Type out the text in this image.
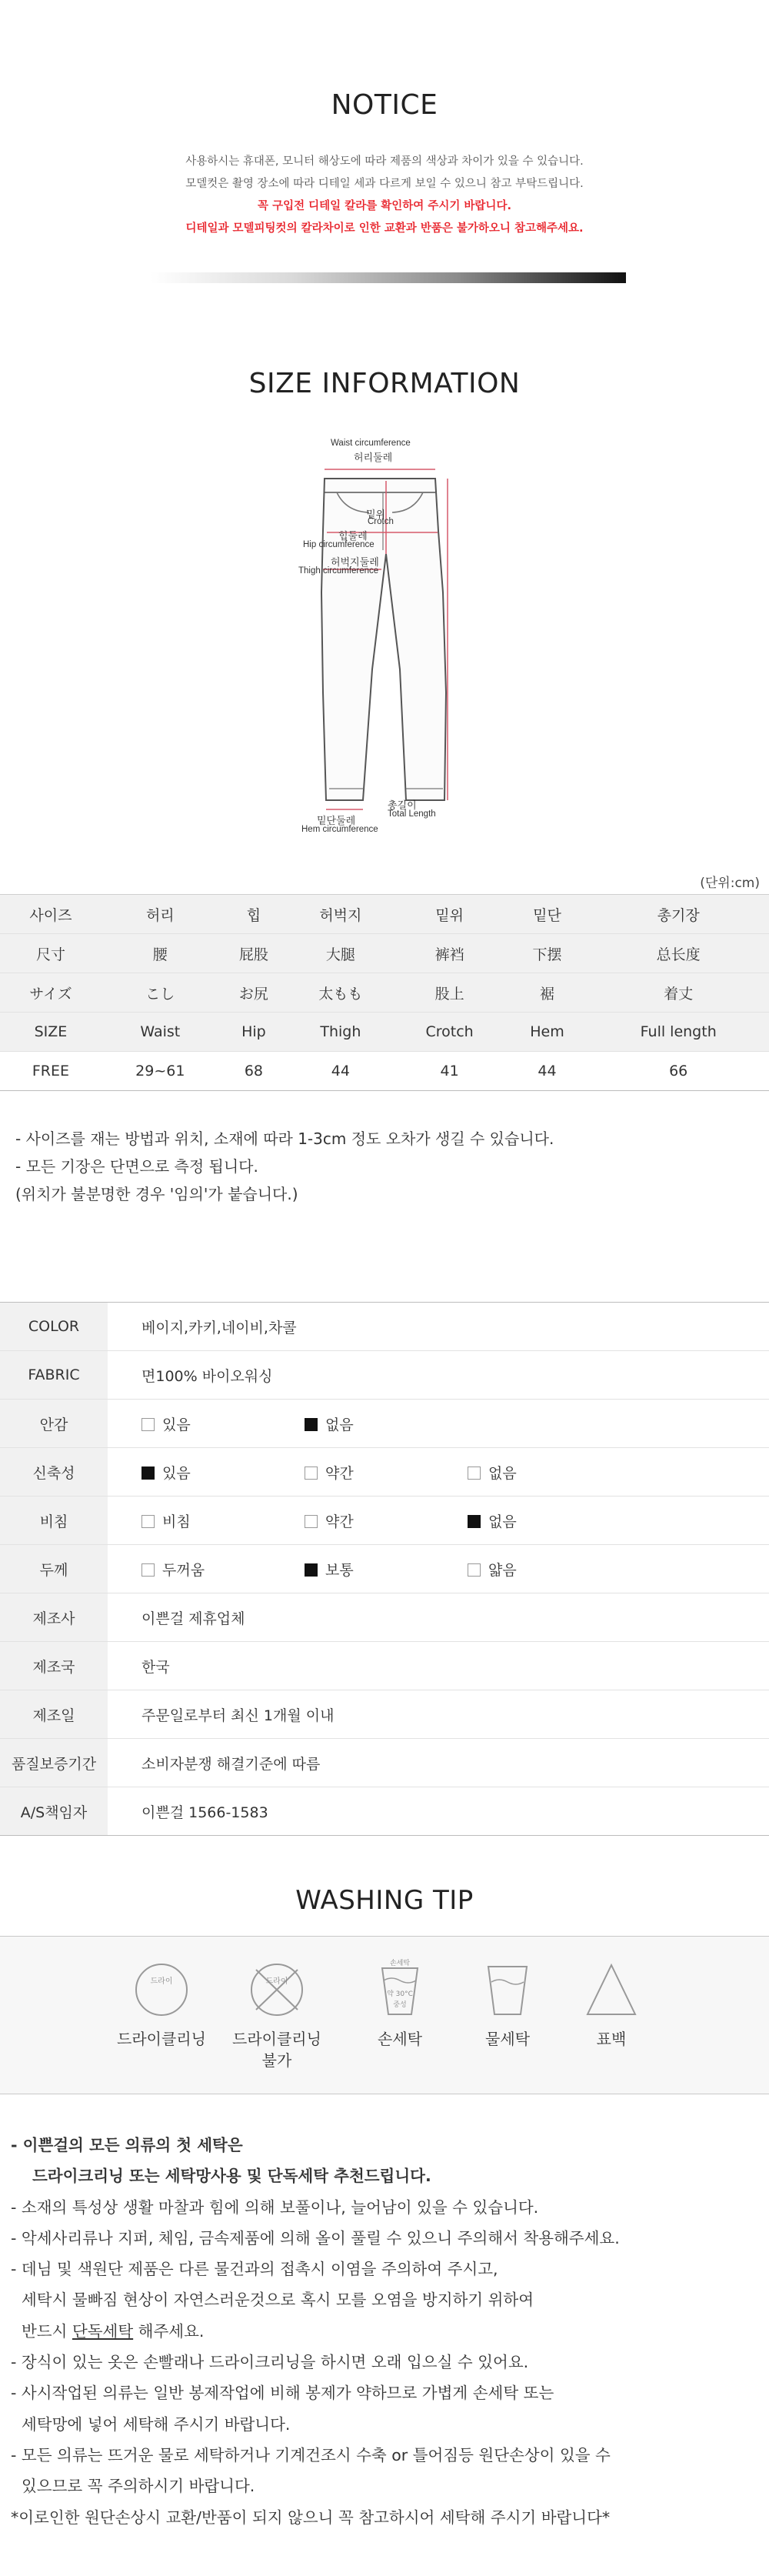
NOTICE
사용하시는 휴대폰, 모니터 해상도에 따라 제품의 색상과 차이가 있을 수 있습니다.
모델컷은 촬영 장소에 따라 디테일 세과 다르게 보일 수 있으니 참고 부탁드립니다.
꼭 구입전 디테일 칼라를 확인하여 주시기 바랍니다.
디테일과 모델피팅컷의 칼라차이로 인한 교환과 반품은 불가하오니 참고해주세요.
SIZE INFORMATION
Waist circumference
허리둘레
밑위
Crotch
힙둘레
Hip circumference
허벅지둘레
Thigh circumference
밑단둘레
Hem circumference
총길이
Total Length
(단위:cm)
사이즈	허리	힙	허벅지	밑위	밑단	총기장
尺寸	腰	屁股	大腿	裤裆	下摆	总长度
サイズ	こし	お尻	太もも	股上	裾	着丈
SIZE	Waist	Hip	Thigh	Crotch	Hem	Full length
FREE	29~61	68	44	41	44	66
- 사이즈를 재는 방법과 위치, 소재에 따라 1-3cm 정도 오차가 생길 수 있습니다.
- 모든 기장은 단면으로 측정 됩니다.
(위치가 불분명한 경우 '임의'가 붙습니다.)
COLOR	베이지,카키,네이비,차콜
FABRIC	면100% 바이오워싱
안감	있음 없음
신축성	있음 약간 없음
비침	비침 약간 없음
두께	두꺼움 보통 얇음
제조사	이쁜걸 제휴업체
제조국	한국
제조일	주문일로부터 최신 1개월 이내
품질보증기간	소비자분쟁 해결기준에 따름
A/S책임자	이쁜걸 1566-1583
WASHING TIP
드라이
드라이클리닝
드라이
드라이클리닝
불가
손세탁
약 30°C
중성
손세탁	물세탁	표백
- 이쁜걸의 모든 의류의 첫 세탁은
드라이크리닝 또는 세탁망사용 및 단독세탁 추천드립니다.
- 소재의 특성상 생활 마찰과 힘에 의해 보풀이나, 늘어남이 있을 수 있습니다.
- 악세사리류나 지퍼, 체임, 금속제품에 의해 올이 풀릴 수 있으니 주의해서 착용해주세요.
- 데님 및 색원단 제품은 다른 물건과의 접촉시 이염을 주의하여 주시고,
세탁시 물빠짐 현상이 자연스러운것으로 혹시 모를 오염을 방지하기 위하여
반드시 단독세탁 해주세요.
- 장식이 있는 옷은 손빨래나 드라이크리닝을 하시면 오래 입으실 수 있어요.
- 사시작업된 의류는 일반 봉제작업에 비해 봉제가 약하므로 가볍게 손세탁 또는
세탁망에 넣어 세탁해 주시기 바랍니다.
- 모든 의류는 뜨거운 물로 세탁하거나 기계건조시 수축 or 틀어짐등 원단손상이 있을 수
있으므로 꼭 주의하시기 바랍니다.
*이로인한 원단손상시 교환/반품이 되지 않으니 꼭 참고하시어 세탁해 주시기 바랍니다*
